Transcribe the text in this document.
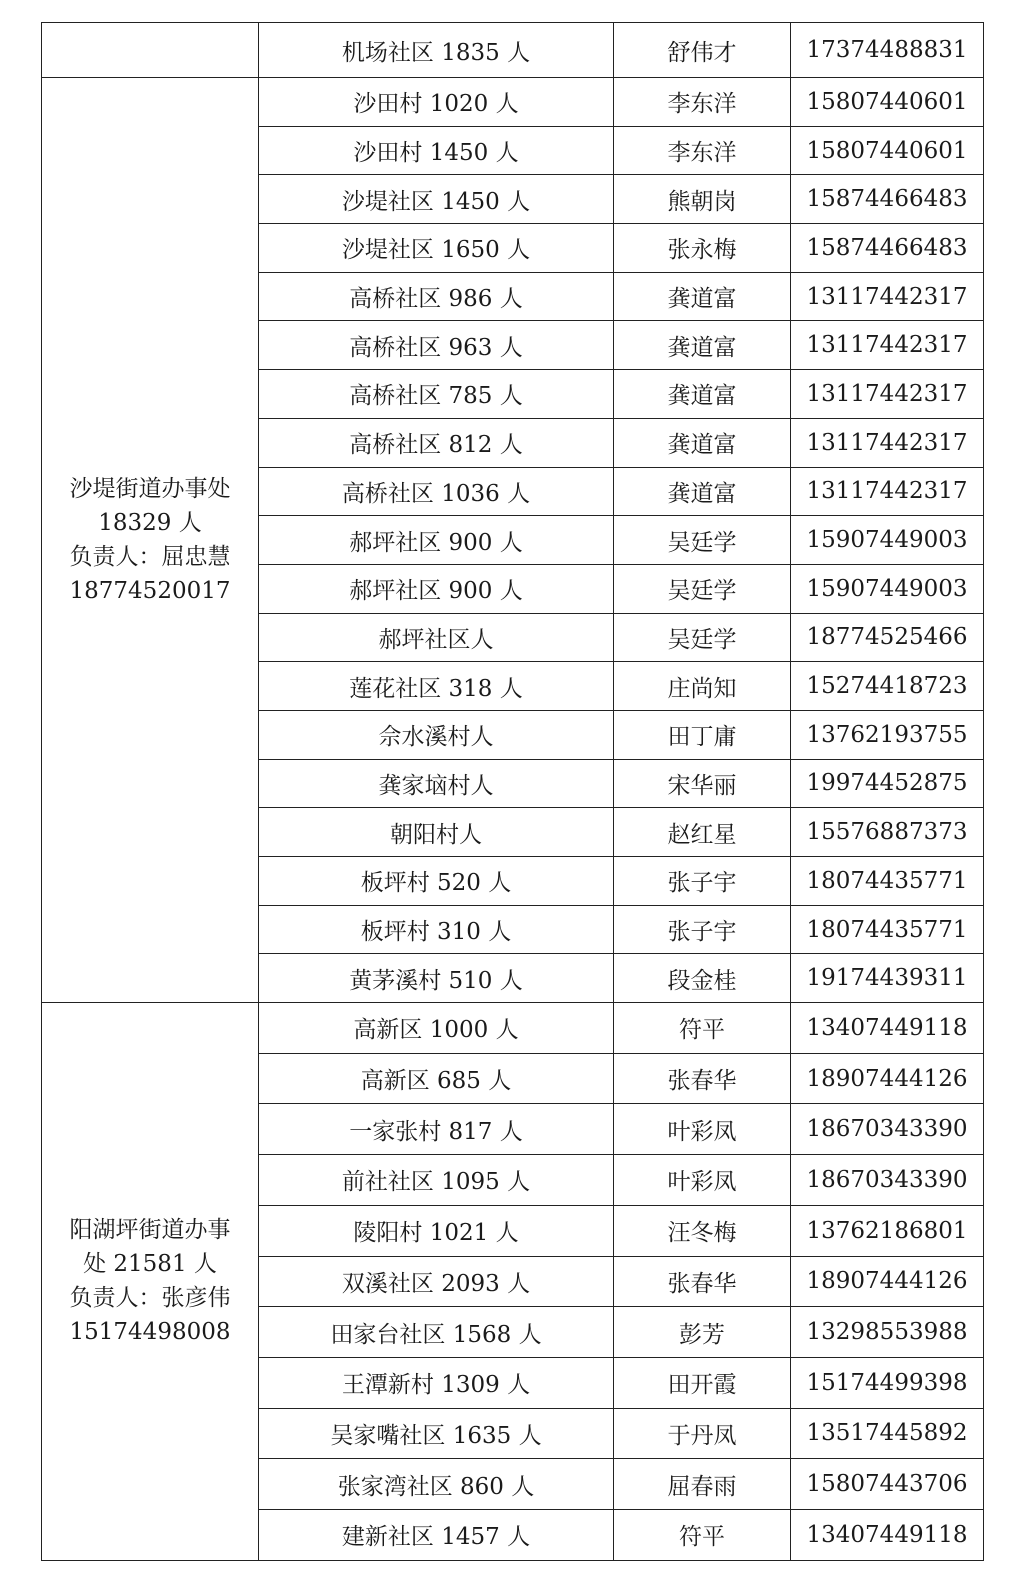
	机场社区 1835 人	舒伟才	17374488831

沙堤街道办事处
18329 人
负责人：屈忠慧
18774520017	沙田村 1020 人	李东洋	15807440601
	沙田村 1450 人	李东洋	15807440601
	沙堤社区 1450 人	熊朝岗	15874466483
	沙堤社区 1650 人	张永梅	15874466483
	高桥社区 986 人	龚道富	13117442317
	高桥社区 963 人	龚道富	13117442317
	高桥社区 785 人	龚道富	13117442317
	高桥社区 812 人	龚道富	13117442317
	高桥社区 1036 人	龚道富	13117442317
	郝坪社区 900 人	吴廷学	15907449003
	郝坪社区 900 人	吴廷学	15907449003
	郝坪社区人	吴廷学	18774525466
	莲花社区 318 人	庄尚知	15274418723
	佘水溪村人	田丁庸	13762193755
	龚家垴村人	宋华丽	19974452875
	朝阳村人	赵红星	15576887373
	板坪村 520 人	张子宇	18074435771
	板坪村 310 人	张子宇	18074435771
	黄茅溪村 510 人	段金桂	19174439311

阳湖坪街道办事
处 21581 人
负责人：张彦伟
15174498008	高新区 1000 人	符平	13407449118
	高新区 685 人	张春华	18907444126
	一家张村 817 人	叶彩凤	18670343390
	前社社区 1095 人	叶彩凤	18670343390
	陵阳村 1021 人	汪冬梅	13762186801
	双溪社区 2093 人	张春华	18907444126
	田家台社区 1568 人	彭芳	13298553988
	王潭新村 1309 人	田开霞	15174499398
	吴家嘴社区 1635 人	于丹凤	13517445892
	张家湾社区 860 人	屈春雨	15807443706
	建新社区 1457 人	符平	13407449118
